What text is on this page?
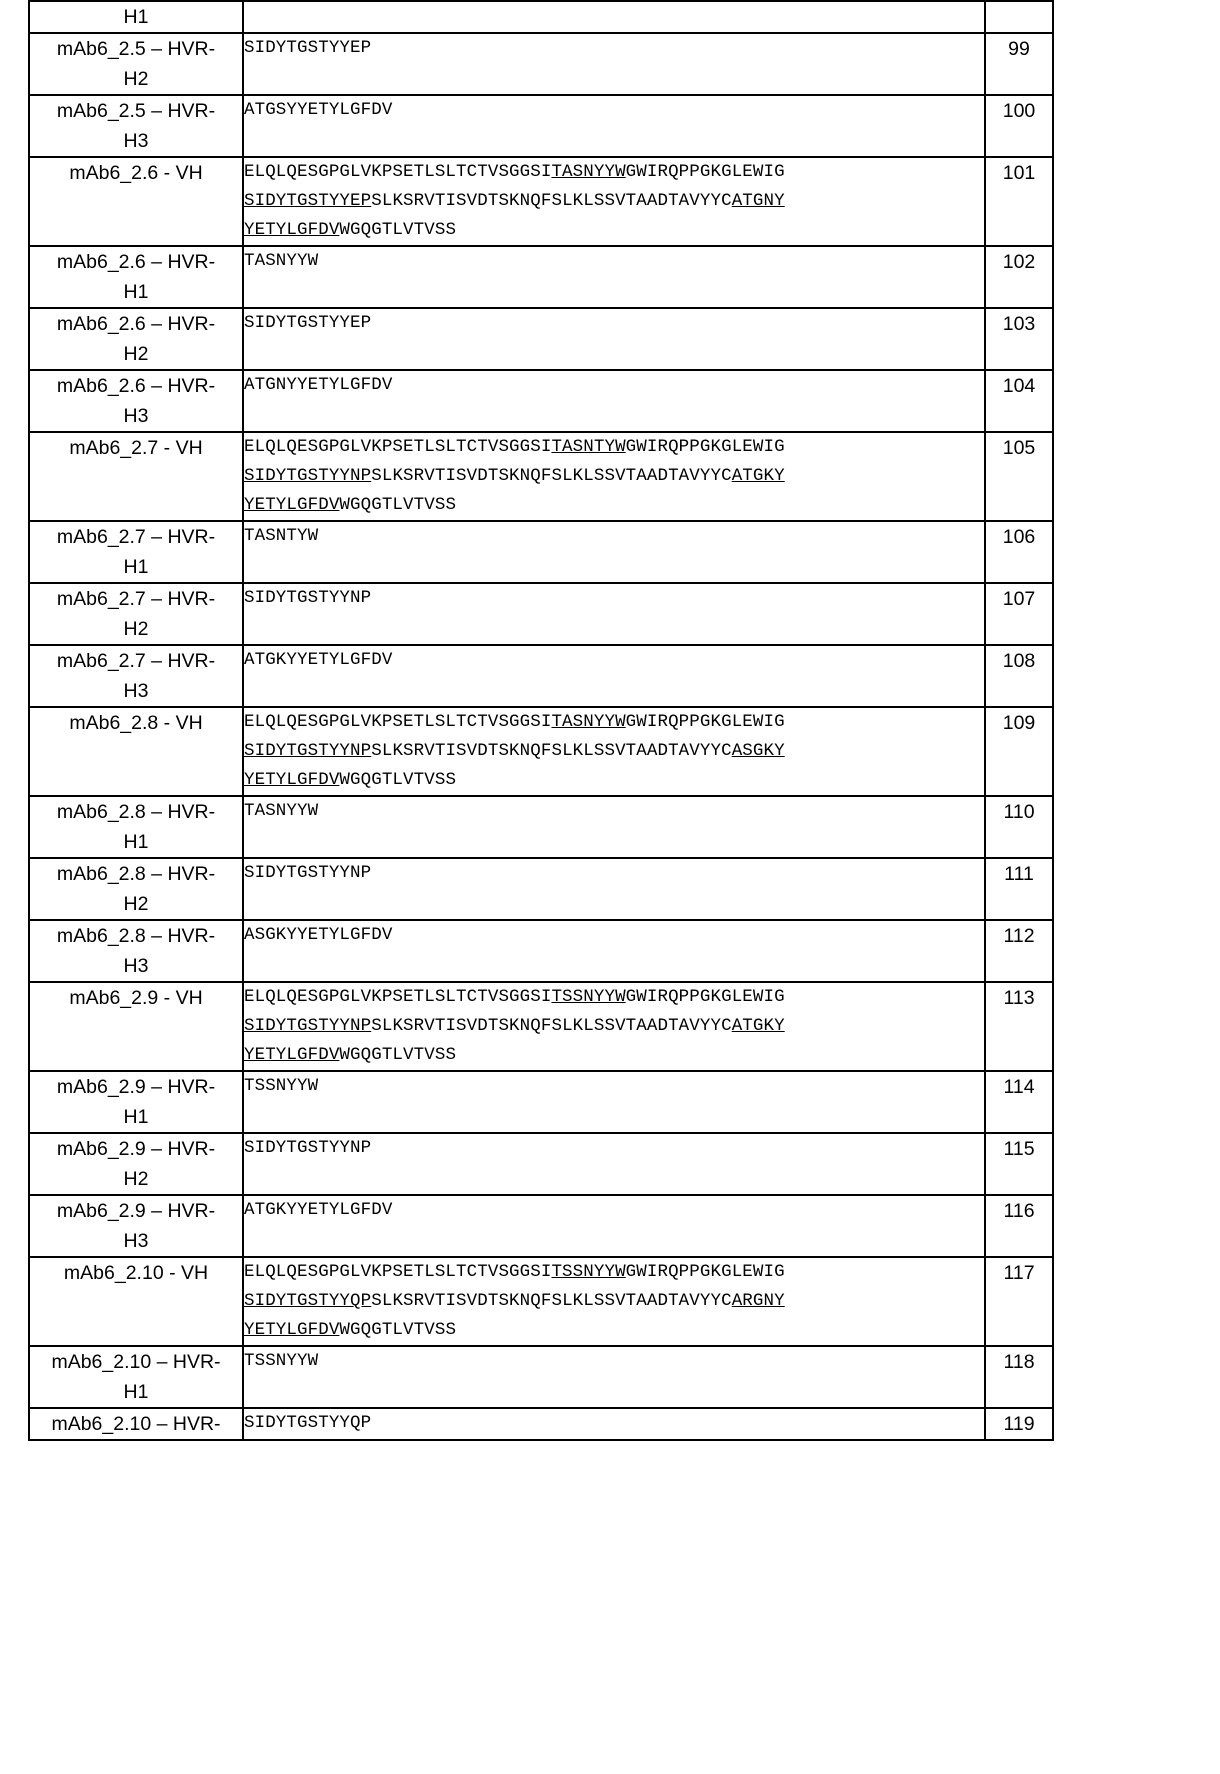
H1		

mAb6_2.5 – HVR-
H2	SIDYTGSTYYEP	99

mAb6_2.5 – HVR-
H3	ATGSYYETYLGFDV	100

mAb6_2.6 - VH	ELQLQESGPGLVKPSETLSLTCTVSGGSITASNYYWGWIRQPPGKGLEWIG
SIDYTGSTYYEPSLKSRVTISVDTSKNQFSLKLSSVTAADTAVYYCATGNY
YETYLGFDVWGQGTLVTVSS	101

mAb6_2.6 – HVR-
H1	TASNYYW	102

mAb6_2.6 – HVR-
H2	SIDYTGSTYYEP	103

mAb6_2.6 – HVR-
H3	ATGNYYETYLGFDV	104

mAb6_2.7 - VH	ELQLQESGPGLVKPSETLSLTCTVSGGSITASNTYWGWIRQPPGKGLEWIG
SIDYTGSTYYNPSLKSRVTISVDTSKNQFSLKLSSVTAADTAVYYCATGKY
YETYLGFDVWGQGTLVTVSS	105

mAb6_2.7 – HVR-
H1	TASNTYW	106

mAb6_2.7 – HVR-
H2	SIDYTGSTYYNP	107

mAb6_2.7 – HVR-
H3	ATGKYYETYLGFDV	108

mAb6_2.8 - VH	ELQLQESGPGLVKPSETLSLTCTVSGGSITASNYYWGWIRQPPGKGLEWIG
SIDYTGSTYYNPSLKSRVTISVDTSKNQFSLKLSSVTAADTAVYYCASGKY
YETYLGFDVWGQGTLVTVSS	109

mAb6_2.8 – HVR-
H1	TASNYYW	110

mAb6_2.8 – HVR-
H2	SIDYTGSTYYNP	111

mAb6_2.8 – HVR-
H3	ASGKYYETYLGFDV	112

mAb6_2.9 - VH	ELQLQESGPGLVKPSETLSLTCTVSGGSITSSNYYWGWIRQPPGKGLEWIG
SIDYTGSTYYNPSLKSRVTISVDTSKNQFSLKLSSVTAADTAVYYCATGKY
YETYLGFDVWGQGTLVTVSS	113

mAb6_2.9 – HVR-
H1	TSSNYYW	114

mAb6_2.9 – HVR-
H2	SIDYTGSTYYNP	115

mAb6_2.9 – HVR-
H3	ATGKYYETYLGFDV	116

mAb6_2.10 - VH	ELQLQESGPGLVKPSETLSLTCTVSGGSITSSNYYWGWIRQPPGKGLEWIG
SIDYTGSTYYQPSLKSRVTISVDTSKNQFSLKLSSVTAADTAVYYCARGNY
YETYLGFDVWGQGTLVTVSS	117

mAb6_2.10 – HVR-
H1	TSSNYYW	118

mAb6_2.10 – HVR-	SIDYTGSTYYQP	119
